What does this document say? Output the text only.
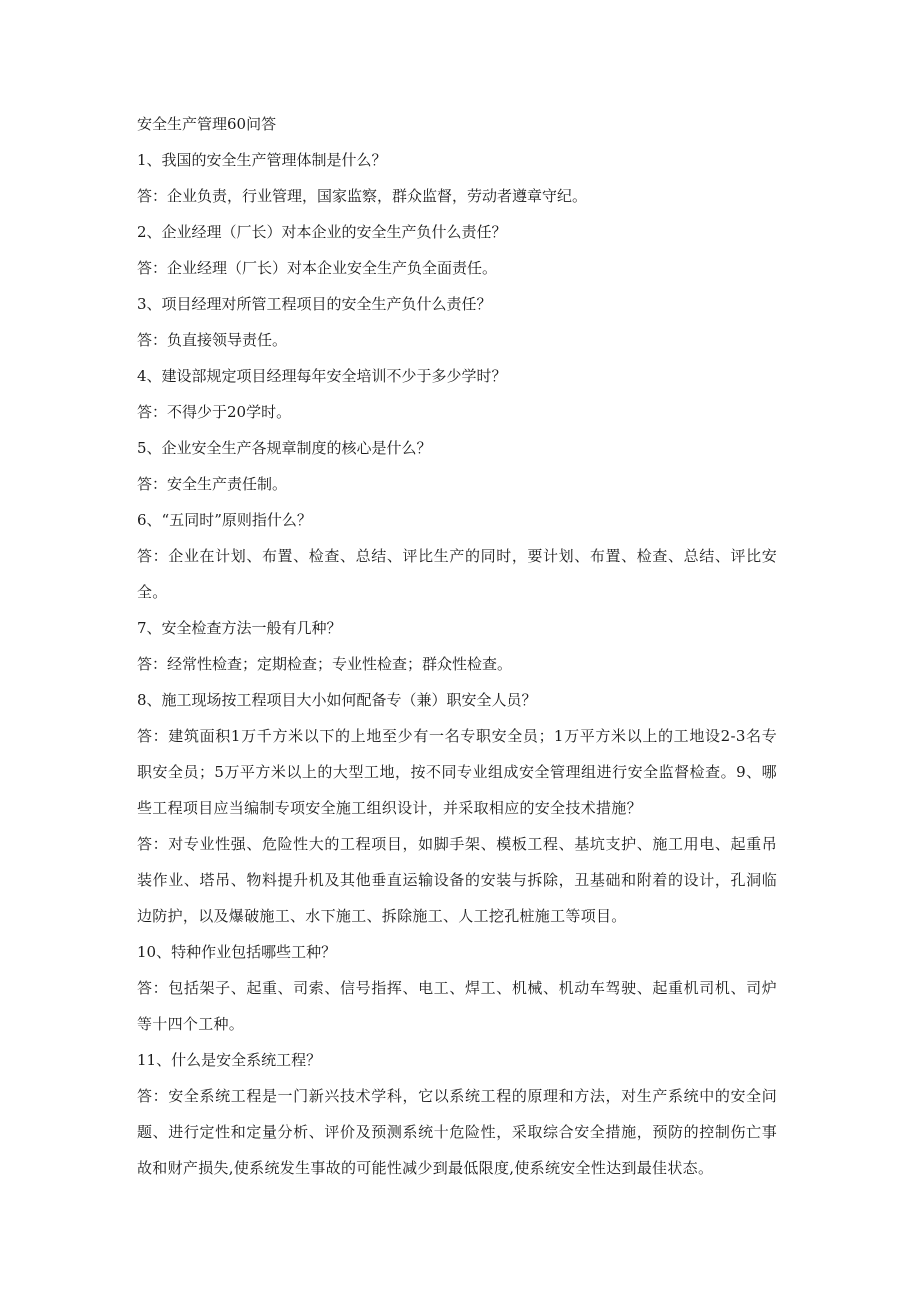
安全生产管理60问答
1、我国的安全生产管理体制是什么？
答：企业负责，行业管理，国家监察，群众监督，劳动者遵章守纪。
2、企业经理（厂长）对本企业的安全生产负什么责任？
答：企业经理（厂长）对本企业安全生产负全面责任。
3、项目经理对所管工程项目的安全生产负什么责任？
答：负直接领导责任。
4、建设部规定项目经理每年安全培训不少于多少学时？
答：不得少于20学时。
5、企业安全生产各规章制度的核心是什么？
答：安全生产责任制。
6、“五同时”原则指什么？
答：企业在计划、布置、检查、总结、评比生产的同时，要计划、布置、检查、总结、评比安全。
7、安全检查方法一般有几种？
答：经常性检查；定期检查；专业性检查；群众性检查。
8、施工现场按工程项目大小如何配备专（兼）职安全人员？
答：建筑面积1万千方米以下的上地至少有一名专职安全员；1万平方米以上的工地设2-3名专职安全员；5万平方米以上的大型工地，按不同专业组成安全管理组进行安全监督检查。9、哪些工程项目应当编制专项安全施工组织设计，并采取相应的安全技术措施？
答：对专业性强、危险性大的工程项目，如脚手架、模板工程、基坑支护、施工用电、起重吊装作业、塔吊、物料提升机及其他垂直运输设备的安装与拆除，丑基础和附着的设计，孔洞临边防护，以及爆破施工、水下施工、拆除施工、人工挖孔桩施工等项目。
10、特种作业包括哪些工种？
答：包括架子、起重、司索、信号指挥、电工、焊工、机械、机动车驾驶、起重机司机、司炉等十四个工种。
11、什么是安全系统工程？
答：安全系统工程是一门新兴技术学科，它以系统工程的原理和方法，对生产系统中的安全问题、进行定性和定量分析、评价及预测系统十危险性，采取综合安全措施，预防的控制伤亡事故和财产损失,使系统发生事故的可能性减少到最低限度,使系统安全性达到最佳状态。
